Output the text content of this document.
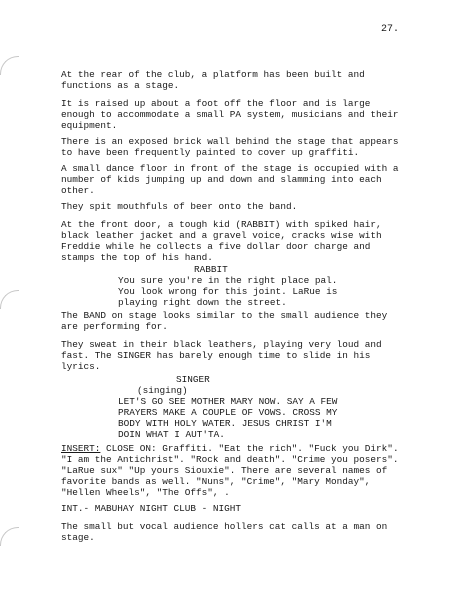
27.

At the rear of the club, a platform has been built and
functions as a stage.

It is raised up about a foot off the floor and is large
enough to accommodate a small PA system, musicians and their
equipment.

There is an exposed brick wall behind the stage that appears
to have been frequently painted to cover up graffiti.

A small dance floor in front of the stage is occupied with a
number of kids jumping up and down and slamming into each
other.

They spit mouthfuls of beer onto the band.

At the front door, a tough kid (RABBIT) with spiked hair,
black leather jacket and a gravel voice, cracks wise with
Freddie while he collects a five dollar door charge and
stamps the top of his hand.

RABBIT

You sure you're in the right place pal.
You look wrong for this joint. LaRue is
playing right down the street.

The BAND on stage looks similar to the small audience they
are performing for.

They sweat in their black leathers, playing very loud and
fast. The SINGER has barely enough time to slide in his
lyrics.

SINGER

(singing)

LET'S GO SEE MOTHER MARY NOW. SAY A FEW
PRAYERS MAKE A COUPLE OF VOWS. CROSS MY
BODY WITH HOLY WATER. JESUS CHRIST I'M
DOIN WHAT I AUT'TA.

INSERT: CLOSE ON: Graffiti. "Eat the rich". "Fuck you Dirk".
"I am the Antichrist". "Rock and death". "Crime you posers".
"LaRue sux" "Up yours Siouxie". There are several names of
favorite bands as well. "Nuns", "Crime", "Mary Monday",
"Hellen Wheels", "The Offs", .

INT.- MABUHAY NIGHT CLUB - NIGHT

The small but vocal audience hollers cat calls at a man on
stage.
